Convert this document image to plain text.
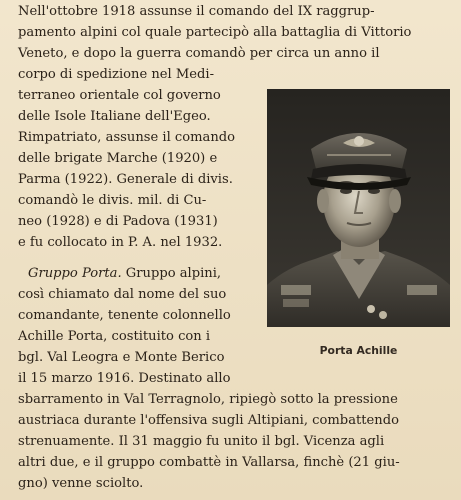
Nell'ottobre 1918 assunse il comando del IX raggrup-
pamento alpini col quale partecipò alla battaglia di Vittorio
Veneto, e dopo la guerra comandò per circa un anno il
corpo di spedizione nel Medi-
terraneo orientale col governo
delle Isole Italiane dell'Egeo.
Rimpatriato, assunse il comando
delle brigate Marche (1920) e
Parma (1922). Generale di divis.
comandò le divis. mil. di Cu-
neo (1928) e di Padova (1931)
e fu collocato in P. A. nel 1932.
Gruppo Porta. Gruppo alpini,
così chiamato dal nome del suo
comandante, tenente colonnello
Achille Porta, costituito con i
bgl. Val Leogra e Monte Berico
il 15 marzo 1916. Destinato allo
sbarramento in Val Terragnolo, ripiegò sotto la pressione
austriaca durante l'offensiva sugli Altipiani, combattendo
strenuamente. Il 31 maggio fu unito il bgl. Vicenza agli
altri due, e il gruppo combattè in Vallarsa, finchè (21 giu-
gno) venne sciolto.
Porta Achille
